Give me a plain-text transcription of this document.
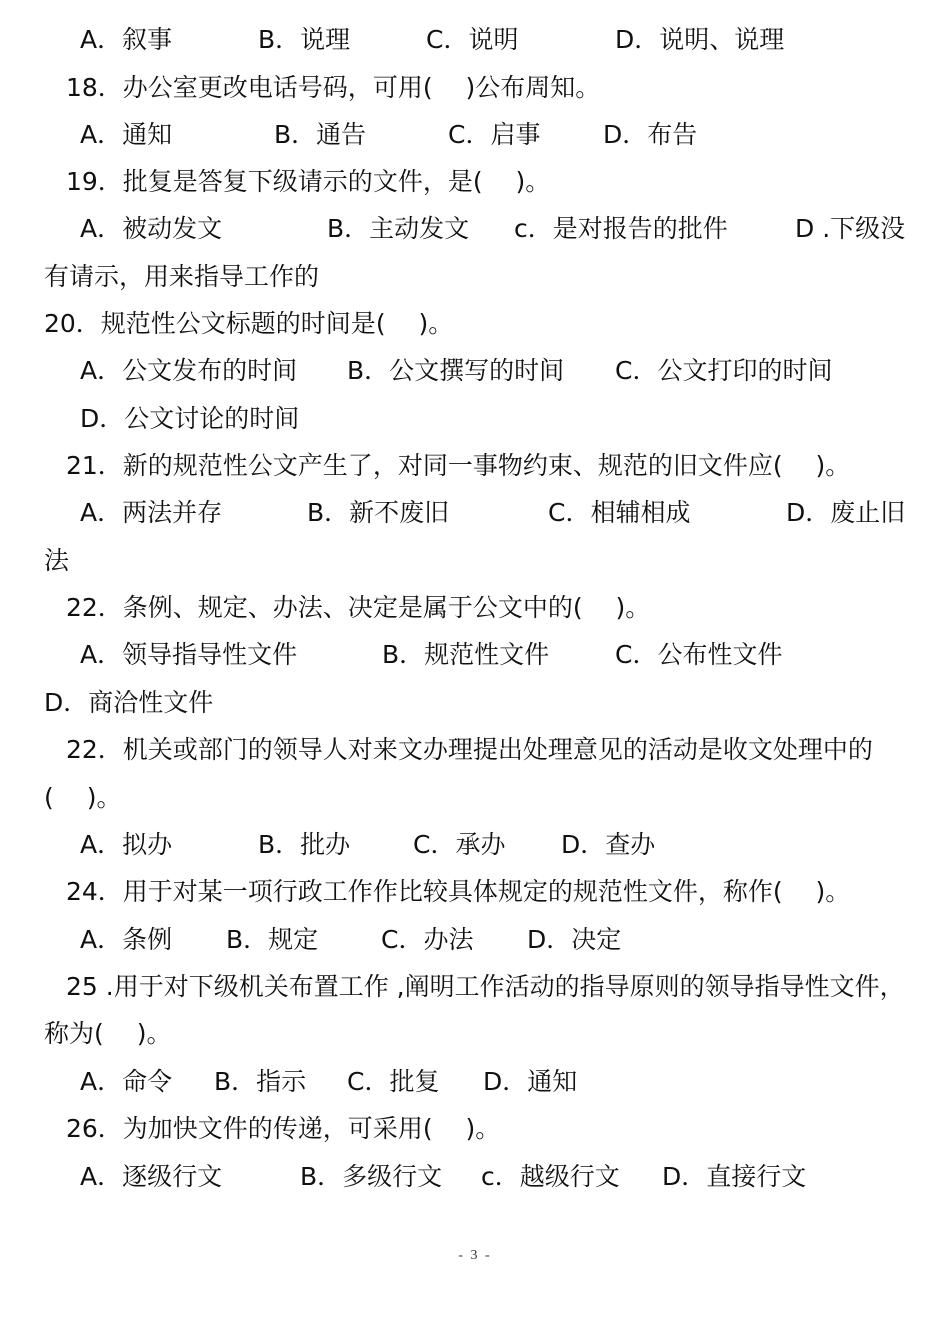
A．叙事	B．说理	C．说明	D．说明、说理
18．办公室更改电话号码，可用(　 )公布周知。
A．通知	B．通告	C．启事	D．布告
19．批复是答复下级请示的文件，是(　 )。
A．被动发文	B．主动发文 c．是对报告的批件	D .下级没
有请示，用来指导工作的
20．规范性公文标题的时间是(　 )。
A．公文发布的时间 B．公文撰写的时间 C．公文打印的时间
D．公文讨论的时间
21．新的规范性公文产生了，对同一事物约束、规范的旧文件应(　 )。
A．两法并存	B．新不废旧	C．相辅相成	D．废止旧
法
22．条例、规定、办法、决定是属于公文中的(　 )。
A．领导指导性文件	B．规范性文件	C．公布性文件
D．商洽性文件
22．机关或部门的领导人对来文办理提出处理意见的活动是收文处理中的
(　 )。
A．拟办	B．批办	C．承办 D．查办
24．用于对某一项行政工作作比较具体规定的规范性文件，称作(　 )。
A．条例 B．规定	C．办法 D．决定
25 .用于对下级机关布置工作 ,阐明工作活动的指导原则的领导指导性文件，
称为(　 )。
A．命令 B．指示 C．批复 D．通知
26．为加快文件的传递，可采用(　 )。
A．逐级行文	B．多级行文 c．越级行文 D．直接行文
- 3 -
